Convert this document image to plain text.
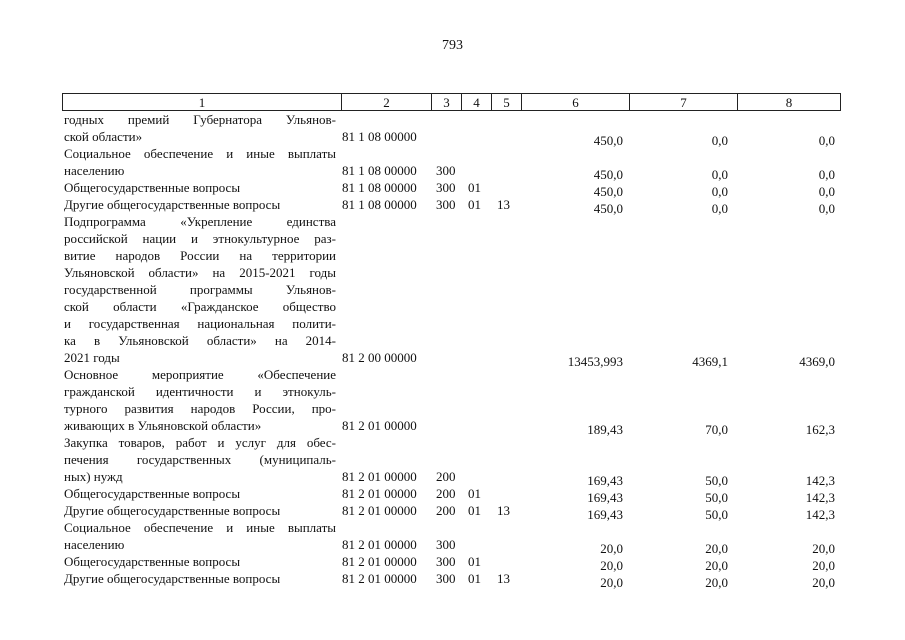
793
1	2	3	4	5	6	7	8
годных премий Губернатора Ульянов-
ской области»	81 1 08 00000	450,0	0,0	0,0
Социальное обеспечение и иные выплаты
населению	81 1 08 00000 300	450,0	0,0	0,0
Общегосударственные вопросы	81 1 08 00000 300 01	450,0	0,0	0,0
Другие общегосударственные вопросы	81 1 08 00000 300 01 13	450,0	0,0	0,0
Подпрограмма «Укрепление единства
российской нации и этнокультурное раз-
витие народов России на территории
Ульяновской области» на 2015-2021 годы
государственной программы Ульянов-
ской области «Гражданское общество
и государственная национальная полити-
ка в Ульяновской области» на 2014-
2021 годы	81 2 00 00000	13453,993	4369,1	4369,0
Основное мероприятие «Обеспечение
гражданской идентичности и этнокуль-
турного развития народов России, про-
живающих в Ульяновской области»	81 2 01 00000	189,43	70,0	162,3
Закупка товаров, работ и услуг для обес-
печения государственных (муниципаль-
ных) нужд	81 2 01 00000 200	169,43	50,0	142,3
Общегосударственные вопросы	81 2 01 00000 200 01	169,43	50,0	142,3
Другие общегосударственные вопросы	81 2 01 00000 200 01 13	169,43	50,0	142,3
Социальное обеспечение и иные выплаты
населению	81 2 01 00000 300	20,0	20,0	20,0
Общегосударственные вопросы	81 2 01 00000 300 01	20,0	20,0	20,0
Другие общегосударственные вопросы	81 2 01 00000 300 01 13	20,0	20,0	20,0
